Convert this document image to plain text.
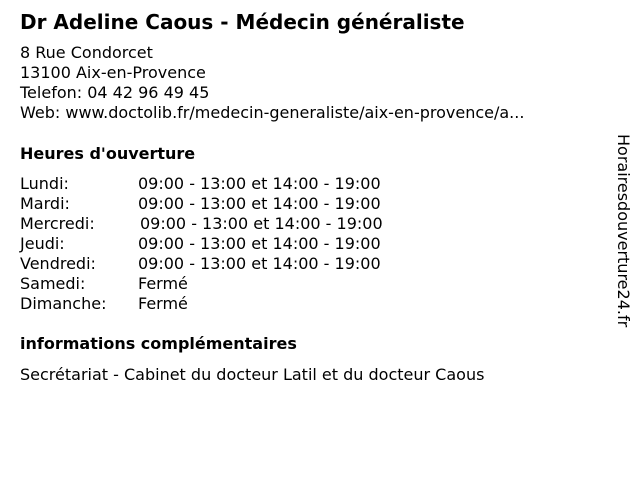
Dr Adeline Caous - Médecin généraliste
8 Rue Condorcet
13100 Aix-en-Provence
Telefon: 04 42 96 49 45
Web: www.doctolib.fr/medecin-generaliste/aix-en-provence/a...
Heures d'ouverture
Lundi:	09:00 - 13:00 et 14:00 - 19:00
Mardi:	09:00 - 13:00 et 14:00 - 19:00
Mercredi:	09:00 - 13:00 et 14:00 - 19:00
Jeudi:	09:00 - 13:00 et 14:00 - 19:00
Vendredi:	09:00 - 13:00 et 14:00 - 19:00
Samedi:	Fermé
Dimanche: Fermé
informations complémentaires
Secrétariat - Cabinet du docteur Latil et du docteur Caous
Horairesdouverture24.fr
